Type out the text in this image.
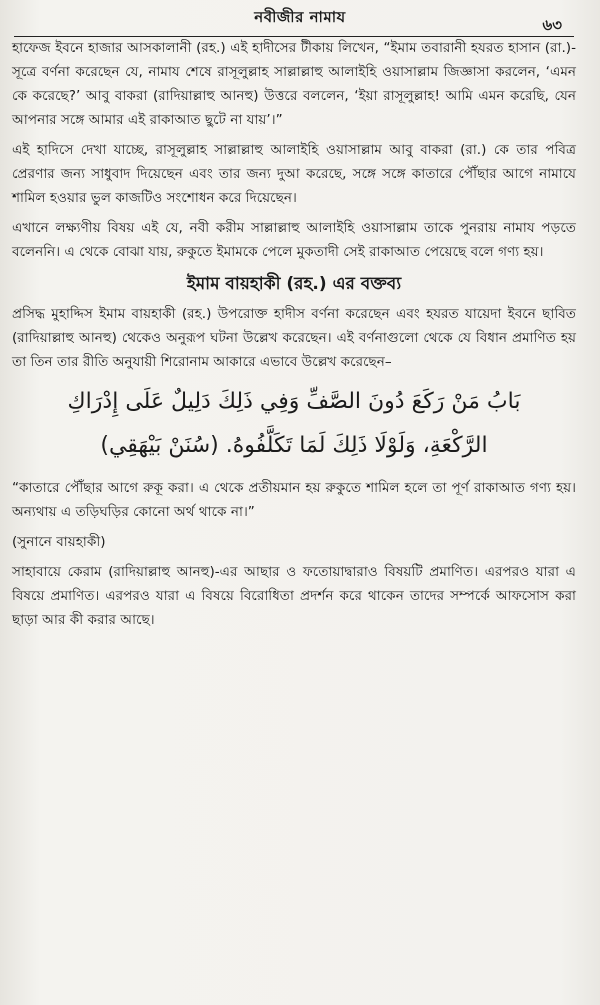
নবীজীর নামায	৬৩

হাফেজ ইবনে হাজার আসকালানী (রহ.) এই হাদীসের টীকায় লিখেন, “ইমাম তবারানী হযরত হাসান (রা.)- সূত্রে বর্ণনা করেছেন যে, নামায শেষে রাসূলুল্লাহ সাল্লাল্লাহু আলাইহি ওয়াসাল্লাম জিজ্ঞাসা করলেন, ‘এমন কে করেছে?’ আবু বাকরা (রাদিয়াল্লাহু আনহু) উত্তরে বললেন, ‘ইয়া রাসূলুল্লাহ! আমি এমন করেছি, যেন আপনার সঙ্গে আমার এই রাকাআত ছুটে না যায়’।”

এই হাদিসে দেখা যাচ্ছে, রাসূলুল্লাহ সাল্লাল্লাহু আলাইহি ওয়াসাল্লাম আবু বাকরা (রা.) কে তার পবিত্র প্রেরণার জন্য সাধুবাদ দিয়েছেন এবং তার জন্য দুআ করেছে, সঙ্গে সঙ্গে কাতারে পৌঁছার আগে নামাযে শামিল হওয়ার ভুল কাজটিও সংশোধন করে দিয়েছেন।

এখানে লক্ষ্যণীয় বিষয় এই যে, নবী করীম সাল্লাল্লাহু আলাইহি ওয়াসাল্লাম তাকে পুনরায় নামায পড়তে বলেননি। এ থেকে বোঝা যায়, রুকুতে ইমামকে পেলে মুকতাদী সেই রাকাআত পেয়েছে বলে গণ্য হয়।

ইমাম বায়হাকী (রহ.) এর বক্তব্য

প্রসিদ্ধ মুহাদ্দিস ইমাম বায়হাকী (রহ.) উপরোক্ত হাদীস বর্ণনা করেছেন এবং হযরত যায়েদা ইবনে ছাবিত (রাদিয়াল্লাহু আনহু) থেকেও অনুরূপ ঘটনা উল্লেখ করেছেন। এই বর্ণনাগুলো থেকে যে বিধান প্রমাণিত হয় তা তিন তার রীতি অনুযায়ী শিরোনাম আকারে এভাবে উল্লেখ করেছেন–

بَابُ مَنْ رَكَعَ دُونَ الصَّفِّ وَفِي ذَلِكَ دَلِيلٌ عَلَى إِدْرَاكِ
الرَّكْعَةِ، وَلَوْلَا ذَلِكَ لَمَا تَكَلَّفُوهُ. (سُنَنْ بَيْهَقِي)

“কাতারে পৌঁছার আগে রুকূ করা। এ থেকে প্রতীয়মান হয় রুকুতে শামিল হলে তা পূর্ণ রাকাআত গণ্য হয়। অন্যথায় এ তড়িঘড়ির কোনো অর্থ থাকে না।”

(সুনানে বায়হাকী)

সাহাবায়ে কেরাম (রাদিয়াল্লাহু আনহু)-এর আছার ও ফতোয়াদ্বারাও বিষয়টি প্রমাণিত। এরপরও যারা এ বিষয়ে প্রমাণিত। এরপরও যারা এ বিষয়ে বিরোধিতা প্রদর্শন করে থাকেন তাদের সম্পর্কে আফসোস করা ছাড়া আর কী করার আছে।
